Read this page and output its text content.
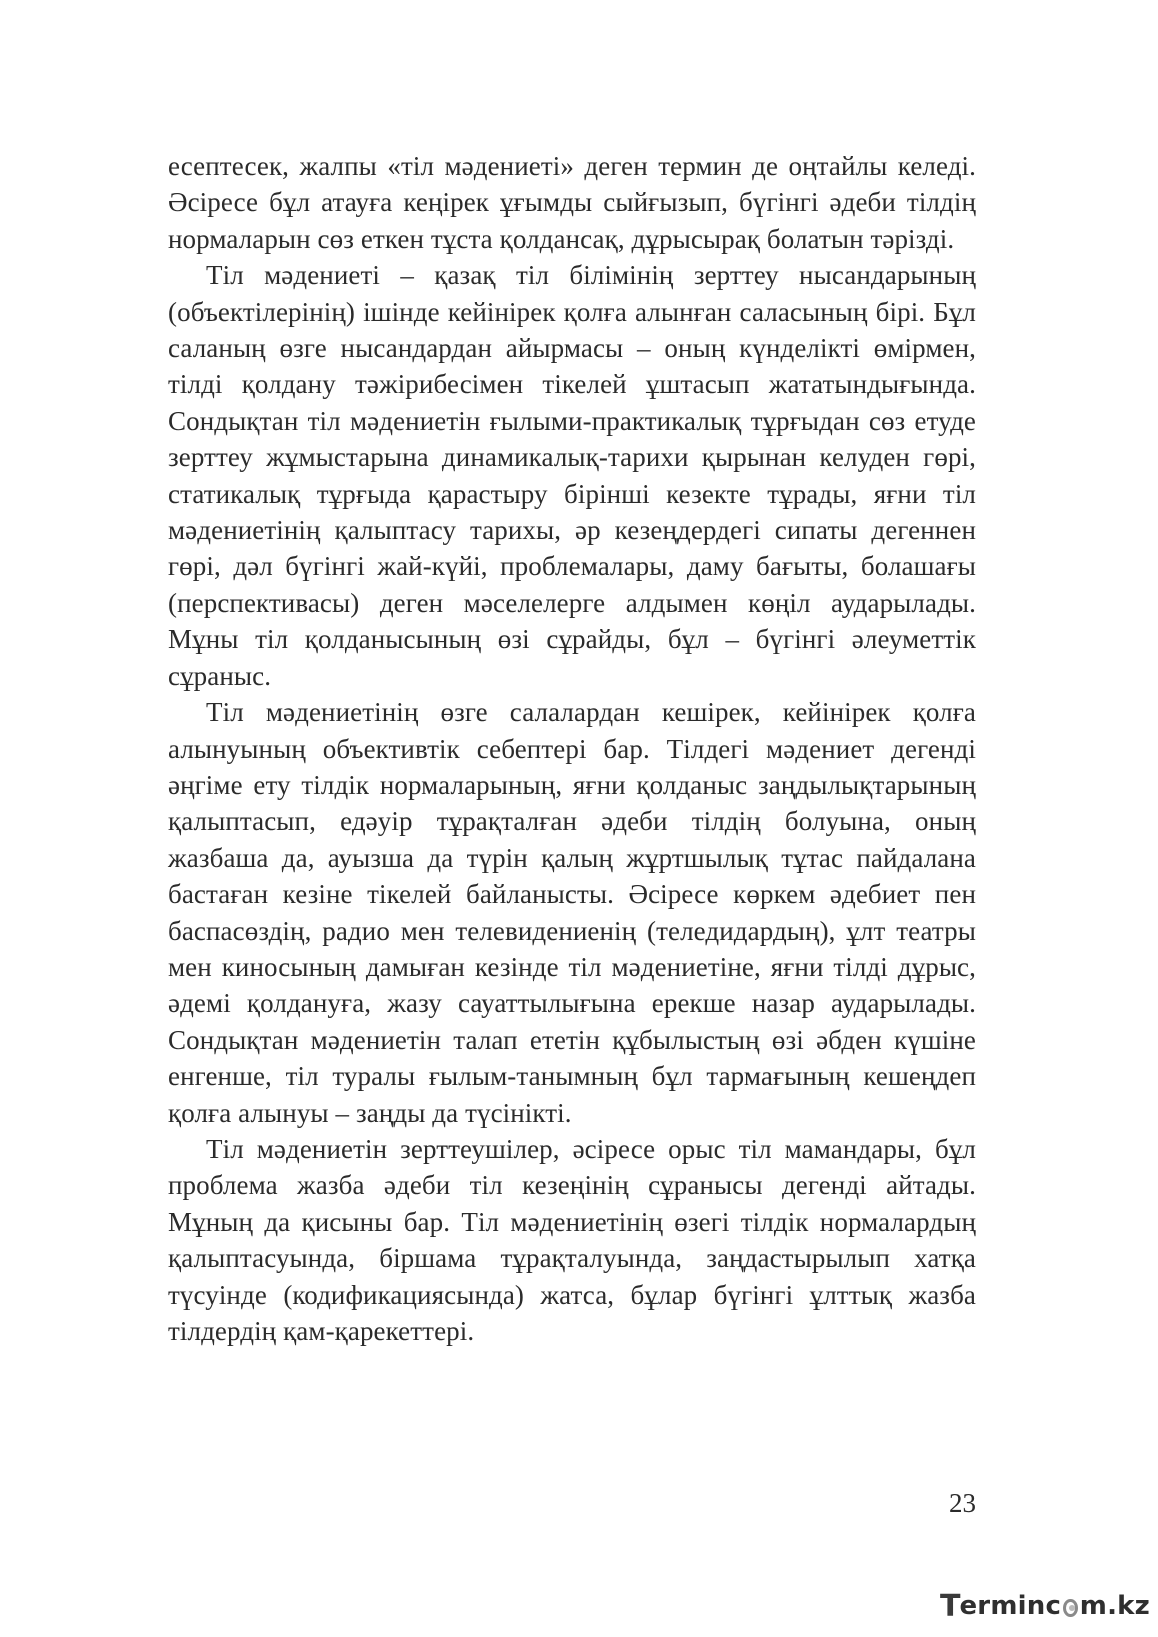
есептесек, жалпы «тіл мәдениеті» деген термин де оңтайлы келеді. Әсіресе бұл атауға кеңірек ұғымды сыйғызып, бүгінгі әдеби тілдің нормаларын сөз еткен тұста қолдансақ, дұрысырақ болатын тәрізді.

Тіл мәдениеті – қазақ тіл білімінің зерттеу нысандарының (объектілерінің) ішінде кейінірек қолға алынған саласының бірі. Бұл саланың өзге нысандардан айырмасы – оның күнделікті өмірмен, тілді қолдану тәжірибесімен тікелей ұштасып жататындығында. Сондықтан тіл мәдениетін ғылыми-практикалық тұрғыдан сөз етуде зерттеу жұмыстарына динамикалық-тарихи қырынан келуден гөрі, статикалық тұрғыда қарастыру бірінші кезекте тұрады, яғни тіл мәдениетінің қалыптасу тарихы, әр кезеңдердегі сипаты дегеннен гөрі, дәл бүгінгі жай-күйі, проблемалары, даму бағыты, болашағы (перспективасы) деген мәселелерге алдымен көңіл аударылады. Мұны тіл қолданысының өзі сұрайды, бұл – бүгінгі әлеуметтік сұраныс.

Тіл мәдениетінің өзге салалардан кешірек, кейінірек қолға алынуының объективтік себептері бар. Тілдегі мәдениет дегенді әңгіме ету тілдік нормаларының, яғни қолданыс заңдылықтарының қалыптасып, едәуір тұрақталған әдеби тілдің болуына, оның жазбаша да, ауызша да түрін қалың жұртшылық тұтас пайдалана бастаған кезіне тікелей байланысты. Әсіресе көркем әдебиет пен баспасөздің, радио мен телевидениенің (теледидардың), ұлт театры мен киносының дамыған кезінде тіл мәдениетіне, яғни тілді дұрыс, әдемі қолдануға, жазу сауаттылығына ерекше назар аударылады. Сондықтан мәдениетін талап ететін құбылыстың өзі әбден күшіне енгенше, тіл туралы ғылым-танымның бұл тармағының кешеңдеп қолға алынуы – заңды да түсінікті.

Тіл мәдениетін зерттеушілер, әсіресе орыс тіл мамандары, бұл проблема жазба әдеби тіл кезеңінің сұранысы дегенді айтады. Мұның да қисыны бар. Тіл мәдениетінің өзегі тілдік нормалардың қалыптасуында, біршама тұрақталуында, заңдастырылып хатқа түсуінде (кодификациясында) жатса, бұлар бүгінгі ұлттық жазба тілдердің қам-қарекеттері.

23
T erminc m.kz
